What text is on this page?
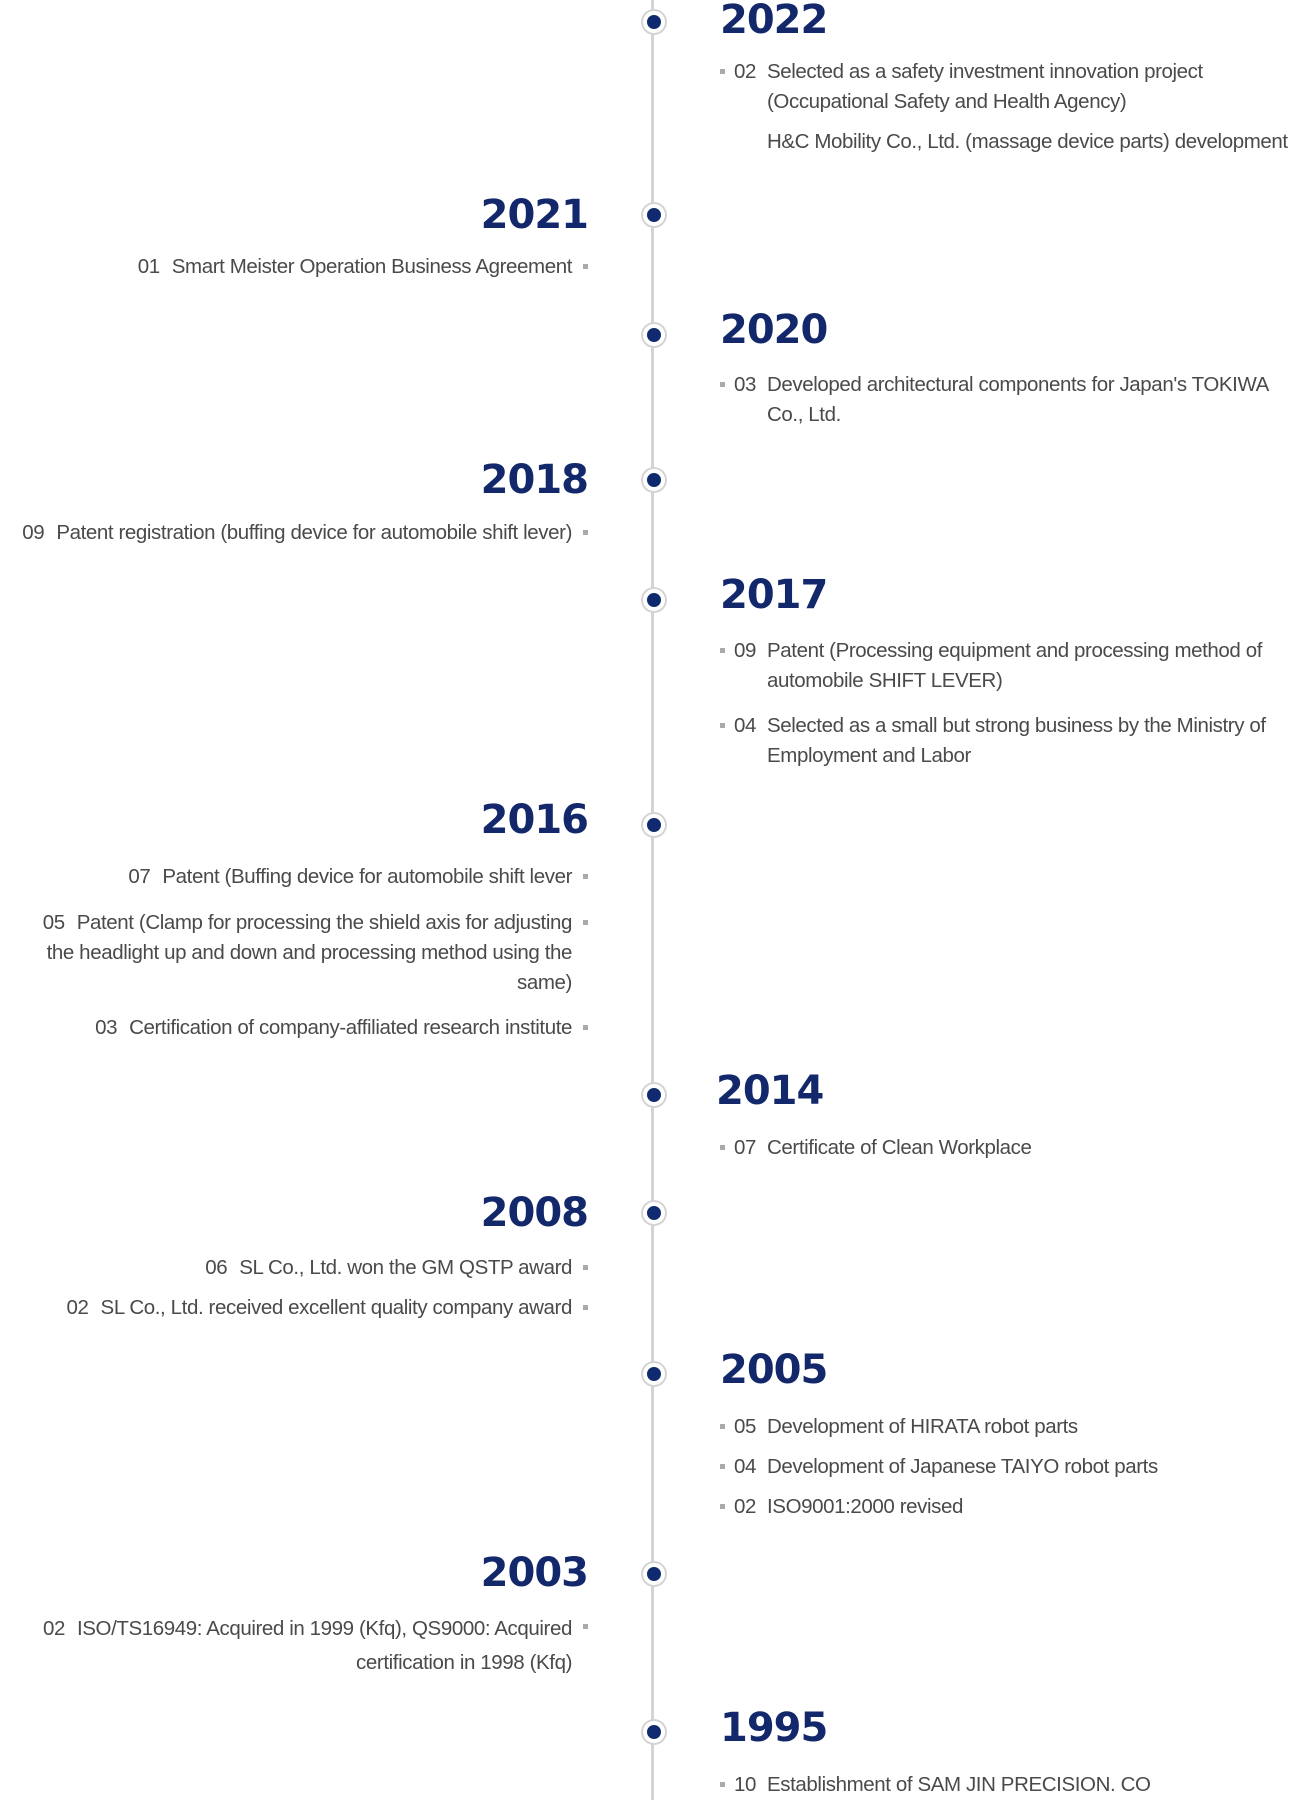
2022
02 Selected as a safety investment innovation project

(Occupational Safety and Health Agency)
H&C Mobility Co., Ltd. (massage device parts) development
2021
01 Smart Meister Operation Business Agreement
2020
03 Developed architectural components for Japan's TOKIWA

Co., Ltd.
2018
09 Patent registration (buffing device for automobile shift lever)
2017
09 Patent (Processing equipment and processing method of

automobile SHIFT LEVER)
04 Selected as a small but strong business by the Ministry of

Employment and Labor
2016
07 Patent (Buffing device for automobile shift lever
05 Patent (Clamp for processing the shield axis for adjusting
the headlight up and down and processing method using the
same)
03 Certification of company-affiliated research institute
2014
07 Certificate of Clean Workplace
2008
06 SL Co., Ltd. won the GM QSTP award
02 SL Co., Ltd. received excellent quality company award
2005
05 Development of HIRATA robot parts
04 Development of Japanese TAIYO robot parts
02 ISO9001:2000 revised
2003
02 ISO/TS16949: Acquired in 1999 (Kfq), QS9000: Acquired
certification in 1998 (Kfq)
1995
10 Establishment of SAM JIN PRECISION. CO
